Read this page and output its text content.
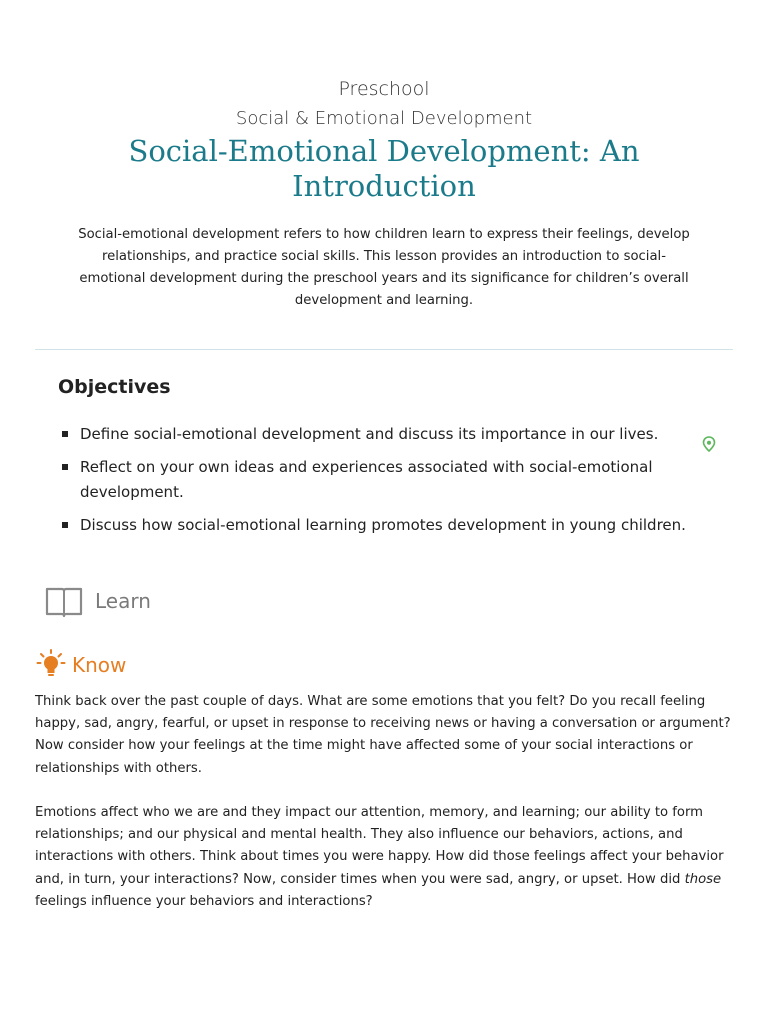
Preschool
Social & Emotional Development
Social-Emotional Development: An Introduction

Social-emotional development refers to how children learn to express their feelings, develop relationships, and practice social skills. This lesson provides an introduction to social-emotional development during the preschool years and its significance for children’s overall development and learning.

Objectives
Define social-emotional development and discuss its importance in our lives.
Reflect on your own ideas and experiences associated with social-emotional development.
Discuss how social-emotional learning promotes development in young children.
Learn
Know

Think back over the past couple of days. What are some emotions that you felt? Do you recall feeling happy, sad, angry, fearful, or upset in response to receiving news or having a conversation or argument? Now consider how your feelings at the time might have affected some of your social interactions or relationships with others.

Emotions affect who we are and they impact our attention, memory, and learning; our ability to form relationships; and our physical and mental health. They also influence our behaviors, actions, and interactions with others. Think about times you were happy. How did those feelings affect your behavior and, in turn, your interactions? Now, consider times when you were sad, angry, or upset. How did those feelings influence your behaviors and interactions?
